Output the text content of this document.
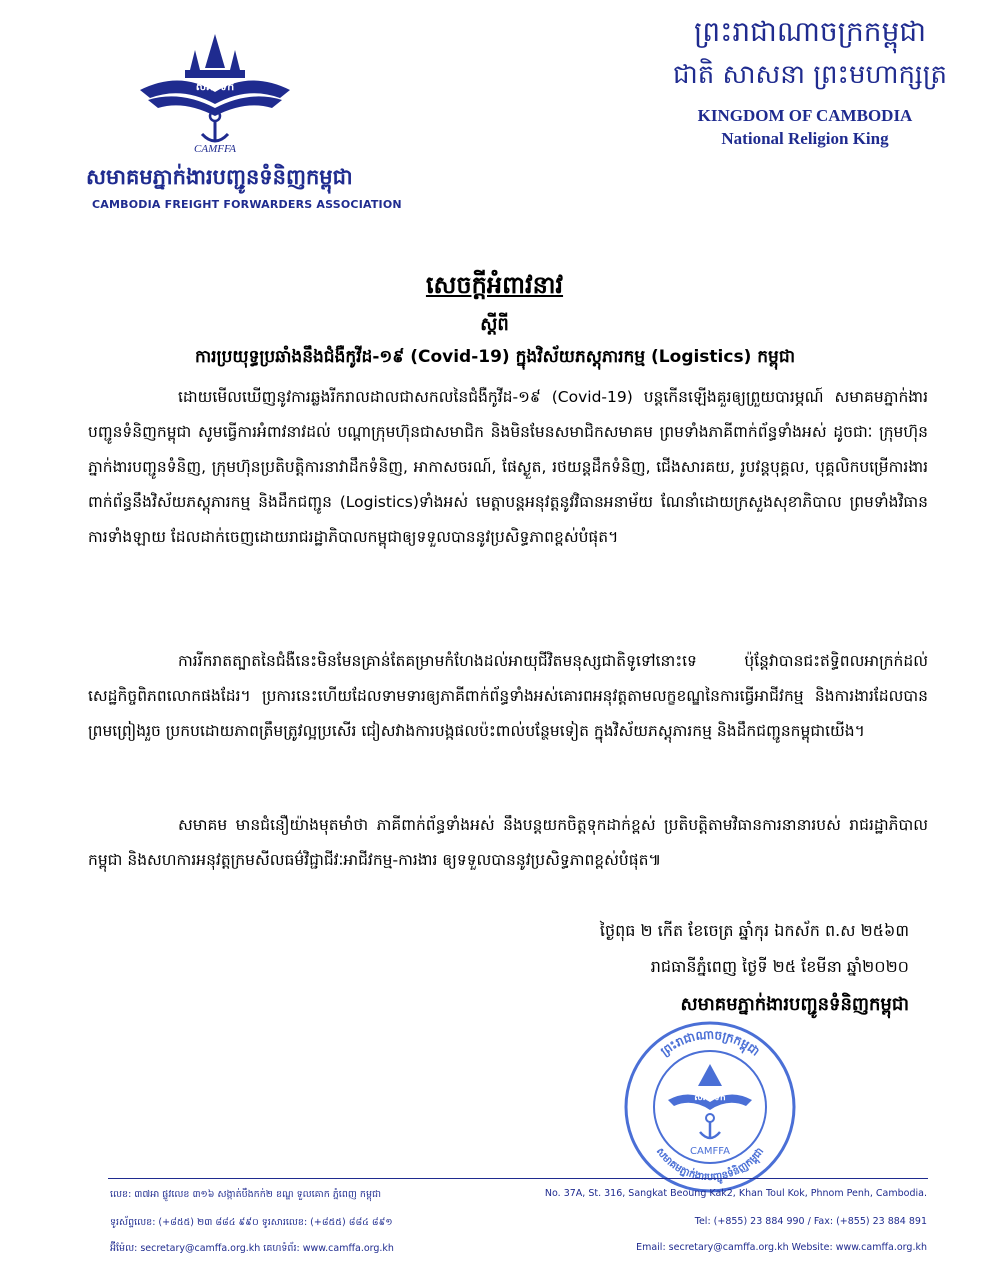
សភបទក
CAMFFA
សមាគមភ្នាក់ងារបញ្ជូនទំនិញកម្ពុជា
CAMBODIA FREIGHT FORWARDERS ASSOCIATION
ព្រះរាជាណាចក្រកម្ពុជា
ជាតិ សាសនា ព្រះមហាក្សត្រ
KINGDOM OF CAMBODIA
National Religion King
សេចក្តីអំពាវនាវ
ស្តីពី
ការប្រយុទ្ធប្រឆាំងនឹងជំងឺកូវីដ-១៩ (Covid-19) ក្នុងវិស័យភស្តុភារកម្ម (Logistics) កម្ពុជា
ដោយមើលឃើញនូវការឆ្លងរីករាលដាលជាសកលនៃជំងឺកូវីដ-១៩ (Covid-19) បន្តកើនឡើងគួរឲ្យព្រួយបារម្ភណ៍ សមាគមភ្នាក់ងារបញ្ជូនទំនិញកម្ពុជា សូមធ្វើការអំពាវនាវដល់ បណ្តាក្រុមហ៊ុនជាសមាជិក និងមិនមែនសមាជិកសមាគម ព្រមទាំងភាគីពាក់ព័ន្ធទាំងអស់ ដូចជាៈ ក្រុមហ៊ុនភ្នាក់ងារបញ្ជូនទំនិញ, ក្រុមហ៊ុនប្រតិបត្តិការនាវាដឹកទំនិញ, អាកាសចរណ៍, ផែស្ងួត, រថយន្តដឹកទំនិញ, ជើងសារគយ, រូបវន្តបុគ្គល, បុគ្គលិកបម្រើការងារពាក់ព័ន្ធនឹងវិស័យភស្តុភារកម្ម និងដឹកជញ្ជូន (Logistics)ទាំងអស់ មេត្តាបន្តអនុវត្តនូវវិធានអនាម័យ ណែនាំដោយក្រសួងសុខាភិបាល ព្រមទាំងវិធានការទាំងឡាយ ដែលដាក់ចេញដោយរាជរដ្ឋាភិបាលកម្ពុជាឲ្យទទួលបាននូវប្រសិទ្ធភាពខ្ពស់បំផុត។
ការរីករាតត្បាតនៃជំងឺនេះមិនមែនគ្រាន់តែគម្រាមកំហែងដល់អាយុជីវិតមនុស្សជាតិទូទៅនោះទេ ប៉ុន្តែវាបានជះឥទ្ធិពលអាក្រក់ដល់សេដ្ឋកិច្ចពិភពលោកផងដែរ។ ប្រការនេះហើយដែលទាមទារឲ្យភាគីពាក់ព័ន្ធទាំងអស់គោរពអនុវត្តតាមលក្ខខណ្ឌនៃការធ្វើអាជីវកម្ម និងការងារដែលបានព្រមព្រៀងរួច ប្រកបដោយភាពត្រឹមត្រូវល្អប្រសើរ ជៀសវាងការបង្កផលប៉ះពាល់បន្ថែមទៀត ក្នុងវិស័យភស្តុភារកម្ម និងដឹកជញ្ជូនកម្ពុជាយើង។
សមាគម មានជំនឿយ៉ាងមុតមាំថា ភាគីពាក់ព័ន្ធទាំងអស់ នឹងបន្តយកចិត្តទុកដាក់ខ្ពស់ ប្រតិបត្តិតាមវិធានការនានារបស់ រាជរដ្ឋាភិបាលកម្ពុជា និងសហការអនុវត្តក្រមសីលធម៌វិជ្ជាជីវៈអាជីវកម្ម-ការងារ ឲ្យទទួលបាននូវប្រសិទ្ធភាពខ្ពស់បំផុត៕
ថ្ងៃពុធ ២ កើត ខែចេត្រ ឆ្នាំកុរ ឯកស័ក ព.ស ២៥៦៣
រាជធានីភ្នំពេញ ថ្ងៃទី ២៥ ខែមីនា ឆ្នាំ២០២០
សមាគមភ្នាក់ងារបញ្ជូនទំនិញកម្ពុជា
សភបទក
CAMFFA
ព្រះរាជាណាចក្រកម្ពុជា
សមាគមភ្នាក់ងារបញ្ជូនទំនិញកម្ពុជា
លេខ: ៣៧អា ផ្លូវលេខ ៣១៦ សង្កាត់បឹងកក់២ ខណ្ឌ ទួលគោក ភ្នំពេញ កម្ពុជា
ទូរស័ព្ទលេខ: (+៨៥៥) ២៣ ៨៨៤ ៩៩០ ទូរសារលេខ: (+៨៥៥) ៨៨៤ ៨៩១
អ៊ីម៉ែល: secretary@camffa.org.kh គេហទំព័រ: www.camffa.org.kh
No. 37A, St. 316, Sangkat Beoung Kak2, Khan Toul Kok, Phnom Penh, Cambodia.
Tel: (+855) 23 884 990 / Fax: (+855) 23 884 891
Email: secretary@camffa.org.kh Website: www.camffa.org.kh
